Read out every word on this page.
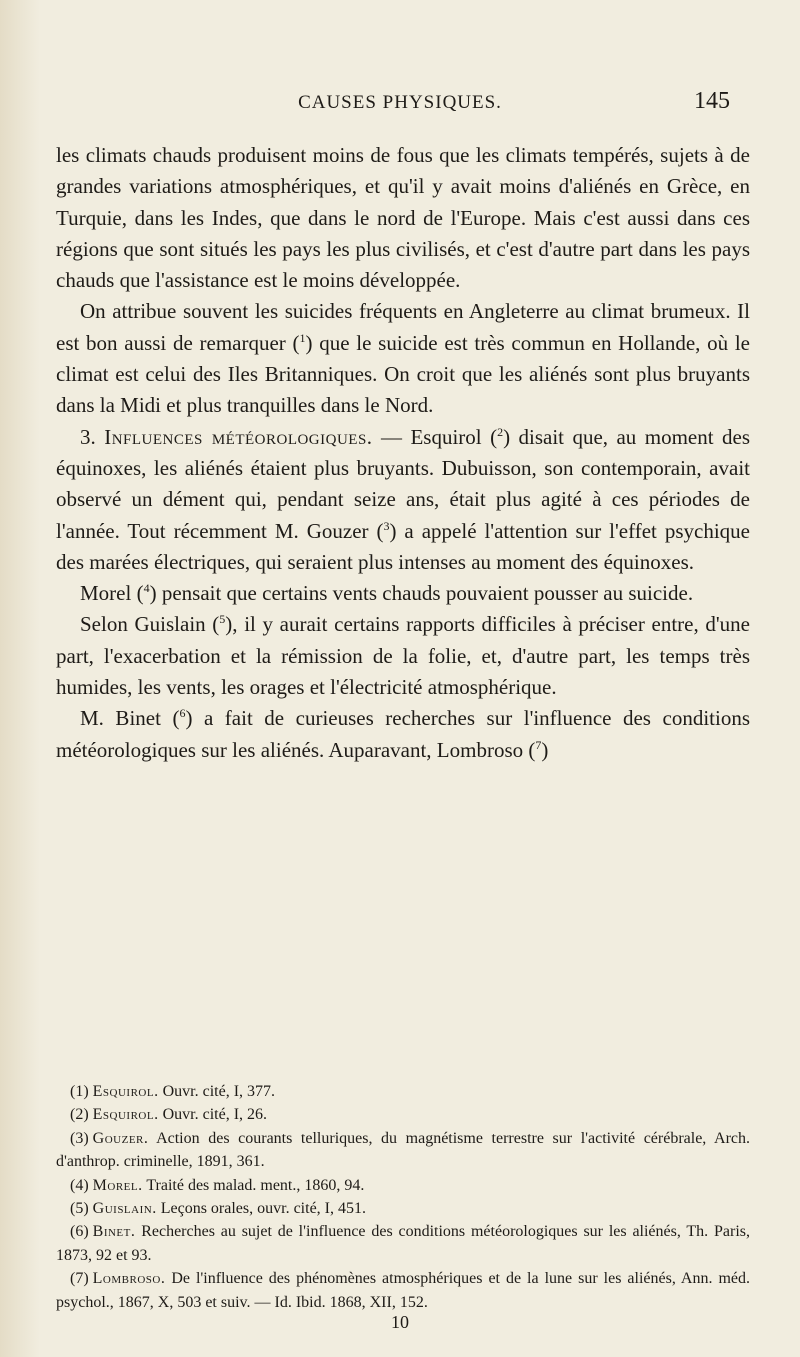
CAUSES PHYSIQUES.	145

les climats chauds produisent moins de fous que les climats tempérés, sujets à de grandes variations atmosphériques, et qu'il y avait moins d'aliénés en Grèce, en Turquie, dans les Indes, que dans le nord de l'Europe. Mais c'est aussi dans ces régions que sont situés les pays les plus civilisés, et c'est d'autre part dans les pays chauds que l'assistance est le moins développée.

On attribue souvent les suicides fréquents en Angleterre au climat brumeux. Il est bon aussi de remarquer ($^1$) que le suicide est très commun en Hollande, où le climat est celui des Iles Britanniques. On croit que les aliénés sont plus bruyants dans la Midi et plus tranquilles dans le Nord.

3. Influences météorologiques. — Esquirol ($^2$) disait que, au moment des équinoxes, les aliénés étaient plus bruyants. Dubuisson, son contemporain, avait observé un dément qui, pendant seize ans, était plus agité à ces périodes de l'année. Tout récemment M. Gouzer ($^3$) a appelé l'attention sur l'effet psychique des marées électriques, qui seraient plus intenses au moment des équinoxes.

Morel ($^4$) pensait que certains vents chauds pouvaient pousser au suicide.

Selon Guislain ($^5$), il y aurait certains rapports difficiles à préciser entre, d'une part, l'exacerbation et la rémission de la folie, et, d'autre part, les temps très humides, les vents, les orages et l'électricité atmosphérique.

M. Binet ($^6$) a fait de curieuses recherches sur l'influence des conditions météorologiques sur les aliénés. Auparavant, Lombroso ($^7$)

(1) Esquirol. Ouvr. cité, I, 377.

(2) Esquirol. Ouvr. cité, I, 26.

(3) Gouzer. Action des courants telluriques, du magnétisme terrestre sur l'activité cérébrale, Arch. d'anthrop. criminelle, 1891, 361.

(4) Morel. Traité des malad. ment., 1860, 94.

(5) Guislain. Leçons orales, ouvr. cité, I, 451.

(6) Binet. Recherches au sujet de l'influence des conditions météorologiques sur les aliénés, Th. Paris, 1873, 92 et 93.

(7) Lombroso. De l'influence des phénomènes atmosphériques et de la lune sur les aliénés, Ann. méd. psychol., 1867, X, 503 et suiv. — Id. Ibid. 1868, XII, 152.

10
